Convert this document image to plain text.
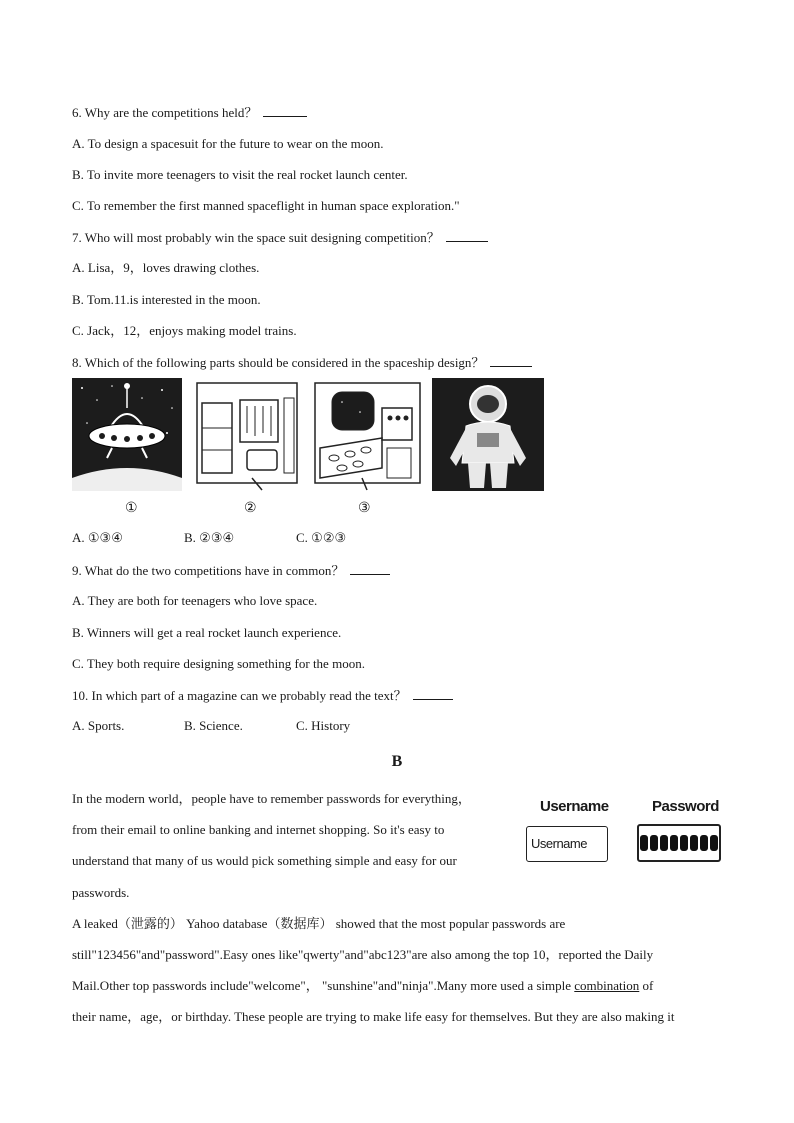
6. Why are the competitions held？
A. To design a spacesuit for the future to wear on the moon.
B. To invite more teenagers to visit the real rocket launch center.
C. To remember the first manned spaceflight in human space exploration."
7. Who will most probably win the space suit designing competition？
A. Lisa，9，loves drawing clothes.
B. Tom.11.is interested in the moon.
C. Jack，12，enjoys making model trains.
8. Which of the following parts should be considered in the spaceship design？
①	②	③
A. ①③④	B. ②③④	C. ①②③
9. What do the two competitions have in common？
A. They are both for teenagers who love space.
B. Winners will get a real rocket launch experience.
C. They both require designing something for the moon.
10. In which part of a magazine can we probably read the text？
A. Sports.	B. Science.	C. History
B
In the modern world，people have to remember passwords for everything，
from their email to online banking and internet shopping. So it's easy to
understand that many of us would pick something simple and easy for our
passwords.
Username	Password
Username
A leaked（泄露的） Yahoo database（数据库） showed that the most popular passwords are
still"123456"and"password".Easy ones like"qwerty"and"abc123"are also among the top 10，reported the Daily
Mail.Other top passwords include"welcome"， "sunshine"and"ninja".Many more used a simple combination of
their name，age，or birthday. These people are trying to make life easy for themselves. But they are also making it
